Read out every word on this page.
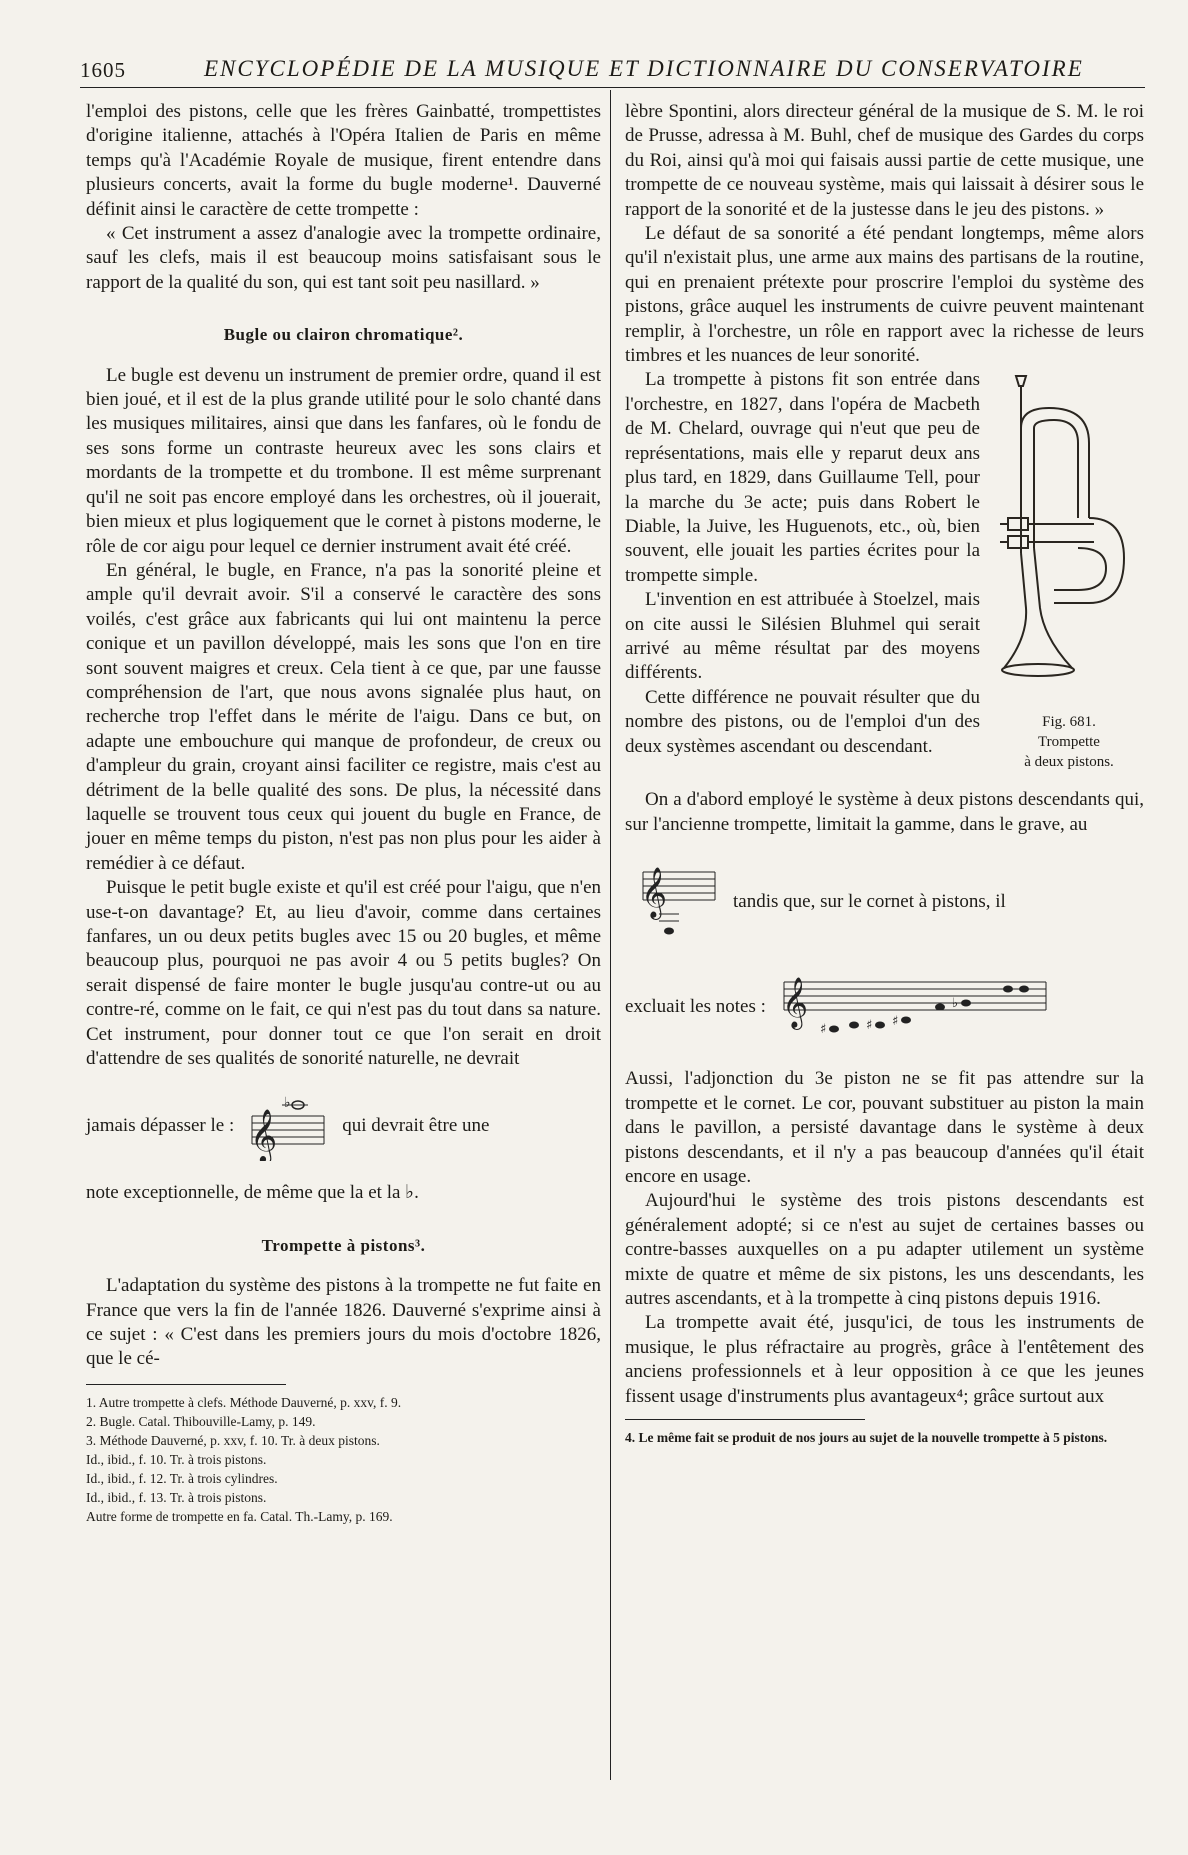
1605	ENCYCLOPÉDIE DE LA MUSIQUE ET DICTIONNAIRE DU CONSERVATOIRE

l'emploi des pistons, celle que les frères Gainbatté, trompettistes d'origine italienne, attachés à l'Opéra Italien de Paris en même temps qu'à l'Académie Royale de musique, firent entendre dans plusieurs concerts, avait la forme du bugle moderne¹. Dauverné définit ainsi le caractère de cette trompette :

« Cet instrument a assez d'analogie avec la trompette ordinaire, sauf les clefs, mais il est beaucoup moins satisfaisant sous le rapport de la qualité du son, qui est tant soit peu nasillard. »

Bugle ou clairon chromatique².

Le bugle est devenu un instrument de premier ordre, quand il est bien joué, et il est de la plus grande utilité pour le solo chanté dans les musiques militaires, ainsi que dans les fanfares, où le fondu de ses sons forme un contraste heureux avec les sons clairs et mordants de la trompette et du trombone. Il est même surprenant qu'il ne soit pas encore employé dans les orchestres, où il jouerait, bien mieux et plus logiquement que le cornet à pistons moderne, le rôle de cor aigu pour lequel ce dernier instrument avait été créé.

En général, le bugle, en France, n'a pas la sonorité pleine et ample qu'il devrait avoir. S'il a conservé le caractère des sons voilés, c'est grâce aux fabricants qui lui ont maintenu la perce conique et un pavillon développé, mais les sons que l'on en tire sont souvent maigres et creux. Cela tient à ce que, par une fausse compréhension de l'art, que nous avons signalée plus haut, on recherche trop l'effet dans le mérite de l'aigu. Dans ce but, on adapte une embouchure qui manque de profondeur, de creux ou d'ampleur du grain, croyant ainsi faciliter ce registre, mais c'est au détriment de la belle qualité des sons. De plus, la nécessité dans laquelle se trouvent tous ceux qui jouent du bugle en France, de jouer en même temps du piston, n'est pas non plus pour les aider à remédier à ce défaut.

Puisque le petit bugle existe et qu'il est créé pour l'aigu, que n'en use-t-on davantage? Et, au lieu d'avoir, comme dans certaines fanfares, un ou deux petits bugles avec 15 ou 20 bugles, et même beaucoup plus, pourquoi ne pas avoir 4 ou 5 petits bugles? On serait dispensé de faire monter le bugle jusqu'au contre-ut ou au contre-ré, comme on le fait, ce qui n'est pas du tout dans sa nature. Cet instrument, pour donner tout ce que l'on serait en droit d'attendre de ses qualités de sonorité naturelle, ne devrait

jamais dépasser le : 𝄞
♭
qui devrait être une

note exceptionnelle, de même que la et la ♭.

Trompette à pistons³.

L'adaptation du système des pistons à la trompette ne fut faite en France que vers la fin de l'année 1826. Dauverné s'exprime ainsi à ce sujet : « C'est dans les premiers jours du mois d'octobre 1826, que le cé-

1. Autre trompette à clefs. Méthode Dauverné, p. xxv, f. 9.
2. Bugle. Catal. Thibouville-Lamy, p. 149.
3. Méthode Dauverné, p. xxv, f. 10. Tr. à deux pistons.
Id., ibid., f. 10. Tr. à trois pistons.
Id., ibid., f. 12. Tr. à trois cylindres.
Id., ibid., f. 13. Tr. à trois pistons.
Autre forme de trompette en fa. Catal. Th.-Lamy, p. 169.

lèbre Spontini, alors directeur général de la musique de S. M. le roi de Prusse, adressa à M. Buhl, chef de musique des Gardes du corps du Roi, ainsi qu'à moi qui faisais aussi partie de cette musique, une trompette de ce nouveau système, mais qui laissait à désirer sous le rapport de la sonorité et de la justesse dans le jeu des pistons. »

Le défaut de sa sonorité a été pendant longtemps, même alors qu'il n'existait plus, une arme aux mains des partisans de la routine, qui en prenaient prétexte pour proscrire l'emploi du système des pistons, grâce auquel les instruments de cuivre peuvent maintenant remplir, à l'orchestre, un rôle en rapport avec la richesse de leurs timbres et les nuances de leur sonorité.

La trompette à pistons fit son entrée dans l'orchestre, en 1827, dans l'opéra de Macbeth de M. Chelard, ouvrage qui n'eut que peu de représentations, mais elle y reparut deux ans plus tard, en 1829, dans Guillaume Tell, pour la marche du 3e acte; puis dans Robert le Diable, la Juive, les Huguenots, etc., où, bien souvent, elle jouait les parties écrites pour la trompette simple.

L'invention en est attribuée à Stoelzel, mais on cite aussi le Silésien Bluhmel qui serait arrivé au même résultat par des moyens différents.

Cette différence ne pouvait résulter que du nombre des pistons, ou de l'emploi d'un des deux systèmes ascendant ou descendant.

Fig. 681.
Trompette
à deux pistons.

On a d'abord employé le système à deux pistons descendants qui, sur l'ancienne trompette, limitait la gamme, dans le grave, au

𝄞	tandis que, sur le cornet à pistons, il
excluait les notes : 𝄞
♯	♯ ♯
♭

Aussi, l'adjonction du 3e piston ne se fit pas attendre sur la trompette et le cornet. Le cor, pouvant substituer au piston la main dans le pavillon, a persisté davantage dans le système à deux pistons descendants, et il n'y a pas beaucoup d'années qu'il était encore en usage.

Aujourd'hui le système des trois pistons descendants est généralement adopté; si ce n'est au sujet de certaines basses ou contre-basses auxquelles on a pu adapter utilement un système mixte de quatre et même de six pistons, les uns descendants, les autres ascendants, et à la trompette à cinq pistons depuis 1916.

La trompette avait été, jusqu'ici, de tous les instruments de musique, le plus réfractaire au progrès, grâce à l'entêtement des anciens professionnels et à leur opposition à ce que les jeunes fissent usage d'instruments plus avantageux⁴; grâce surtout aux

4. Le même fait se produit de nos jours au sujet de la nouvelle trompette à 5 pistons.
